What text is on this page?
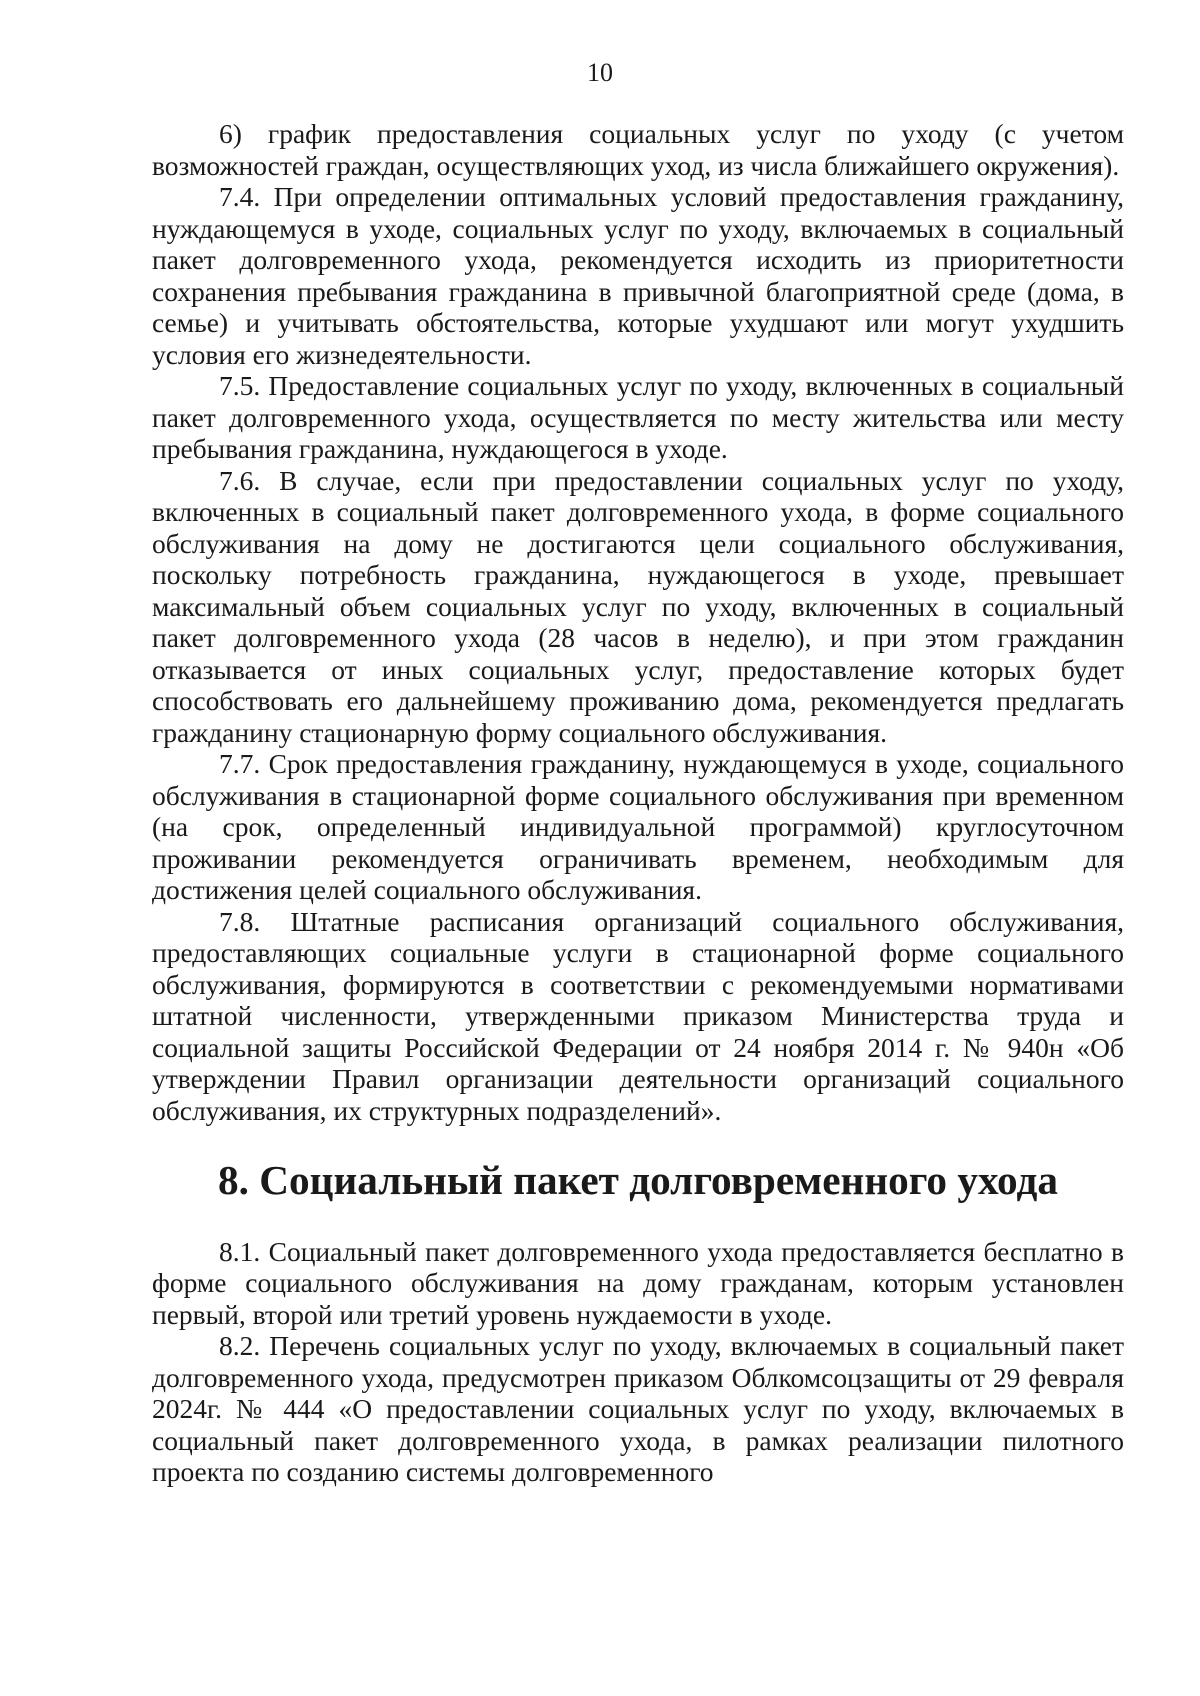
10

6) график предоставления социальных услуг по уходу (с учетом возможностей граждан, осуществляющих уход, из числа ближайшего окружения).

7.4. При определении оптимальных условий предоставления гражданину, нуждающемуся в уходе, социальных услуг по уходу, включаемых в социальный пакет долговременного ухода, рекомендуется исходить из приоритетности сохранения пребывания гражданина в привычной благоприятной среде (дома, в семье) и учитывать обстоятельства, которые ухудшают или могут ухудшить условия его жизнедеятельности.

7.5. Предоставление социальных услуг по уходу, включенных в социальный пакет долговременного ухода, осуществляется по месту жительства или месту пребывания гражданина, нуждающегося в уходе.

7.6. В случае, если при предоставлении социальных услуг по уходу, включенных в социальный пакет долговременного ухода, в форме социального обслуживания на дому не достигаются цели социального обслуживания, поскольку потребность гражданина, нуждающегося в уходе, превышает максимальный объем социальных услуг по уходу, включенных в социальный пакет долговременного ухода (28 часов в неделю), и при этом гражданин отказывается от иных социальных услуг, предоставление которых будет способствовать его дальнейшему проживанию дома, рекомендуется предлагать гражданину стационарную форму социального обслуживания.

7.7. Срок предоставления гражданину, нуждающемуся в уходе, социального обслуживания в стационарной форме социального обслуживания при временном (на срок, определенный индивидуальной программой) круглосуточном проживании рекомендуется ограничивать временем, необходимым для достижения целей социального обслуживания.

7.8. Штатные расписания организаций социального обслуживания, предоставляющих социальные услуги в стационарной форме социального обслуживания, формируются в соответствии с рекомендуемыми нормативами штатной численности, утвержденными приказом Министерства труда и социальной защиты Российской Федерации от 24 ноября 2014 г. № 940н «Об утверждении Правил организации деятельности организаций социального обслуживания, их структурных подразделений».

8. Социальный пакет долговременного ухода

8.1. Социальный пакет долговременного ухода предоставляется бесплатно в форме социального обслуживания на дому гражданам, которым установлен первый, второй или третий уровень нуждаемости в уходе.

8.2. Перечень социальных услуг по уходу, включаемых в социальный пакет долговременного ухода, предусмотрен приказом Облкомсоцзащиты от 29 февраля 2024г. № 444 «О предоставлении социальных услуг по уходу, включаемых в социальный пакет долговременного ухода, в рамках реализации пилотного проекта по созданию системы долговременного
